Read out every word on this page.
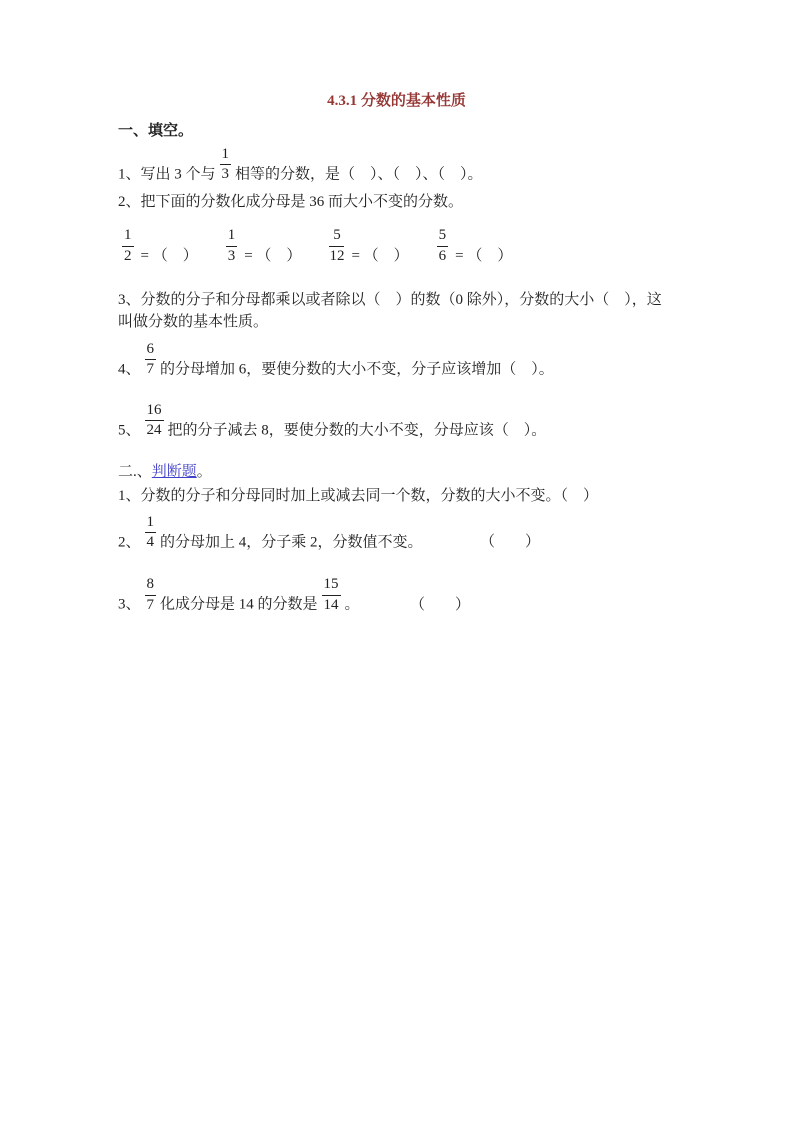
4.3.1 分数的基本性质

一、填空。

1、写出 3 个与 $\frac{1}{3}$ 相等的分数，是（　）、（　）、（　）。

2、把下面的分数化成分母是 36 而大小不变的分数。

$\frac{1}{2}$ = （　） $\frac{1}{3}$ = （　） $\frac{5}{12}$ = （　） $\frac{5}{6}$ = （　）

3、分数的分子和分母都乘以或者除以（　）的数（0 除外），分数的大小（　），这叫做分数的基本性质。

4、 $\frac{6}{7}$ 的分母增加 6，要使分数的大小不变，分子应该增加（　）。

5、 $\frac{16}{24}$ 把的分子减去 8，要使分数的大小不变，分母应该（　）。

二.、判断题。

1、分数的分子和分母同时加上或减去同一个数，分数的大小不变。（　）

2、 $\frac{1}{4}$ 的分母加上 4，分子乘 2，分数值不变。	（　　）

3、 $\frac{8}{7}$ 化成分母是 14 的分数是 $\frac{15}{14}$ 。	（　　）
